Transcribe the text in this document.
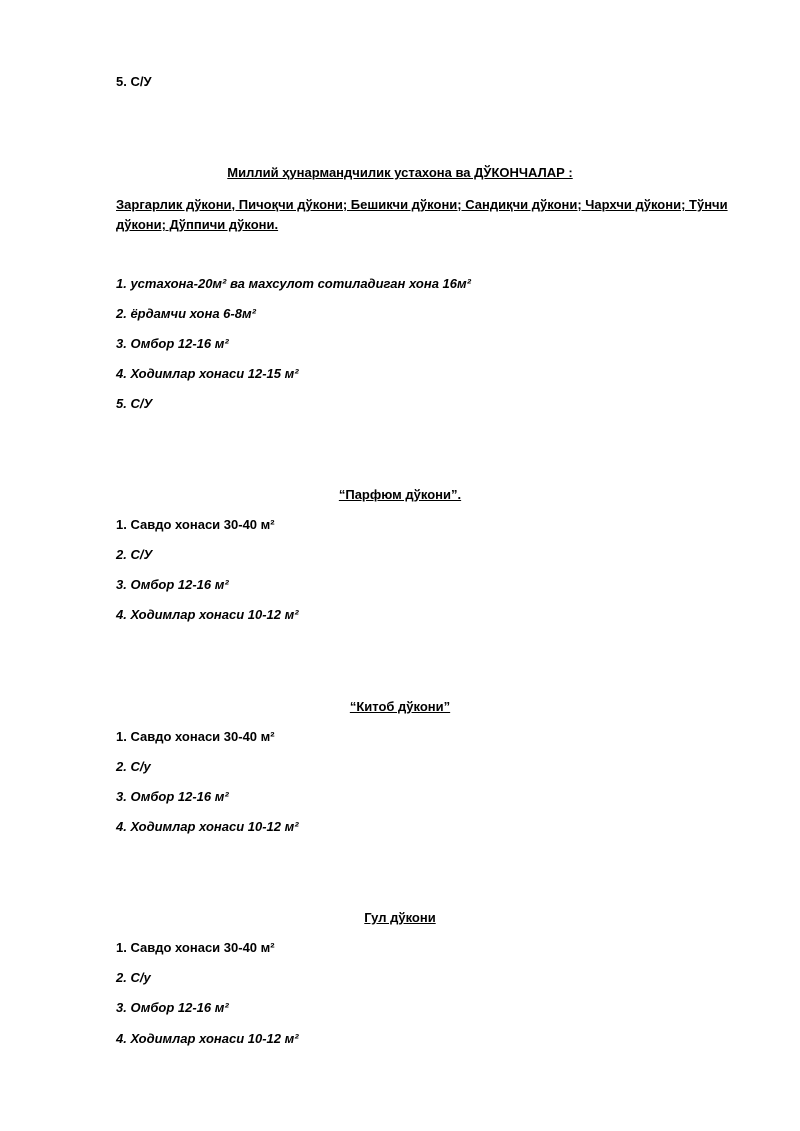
5. С/У
Миллий ҳунармандчилик устахона ва ДЎКОНЧАЛАР :
Заргарлик дўкони, Пичоқчи дўкони; Бешикчи дўкони; Сандиқчи дўкони; Чархчи дўкони; Тўнчи дўкони; Дўппичи дўкони.
1. устахона-20м² ва махсулот сотиладиган хона 16м²
2. ёрдамчи хона 6-8м²
3. Омбор 12-16 м²
4. Ходимлар хонаси 12-15 м²
5. С/У
“Парфюм дўкони”.
1. Савдо хонаси 30-40 м²
2. С/У
3. Омбор 12-16 м²
4. Ходимлар хонаси 10-12 м²
“Китоб дўкони”
1. Савдо хонаси 30-40 м²
2. С/у
3. Омбор 12-16 м²
4. Ходимлар хонаси 10-12 м²
Гул дўкони
1. Савдо хонаси 30-40 м²
2. С/у
3. Омбор 12-16 м²
4. Ходимлар хонаси 10-12 м²
